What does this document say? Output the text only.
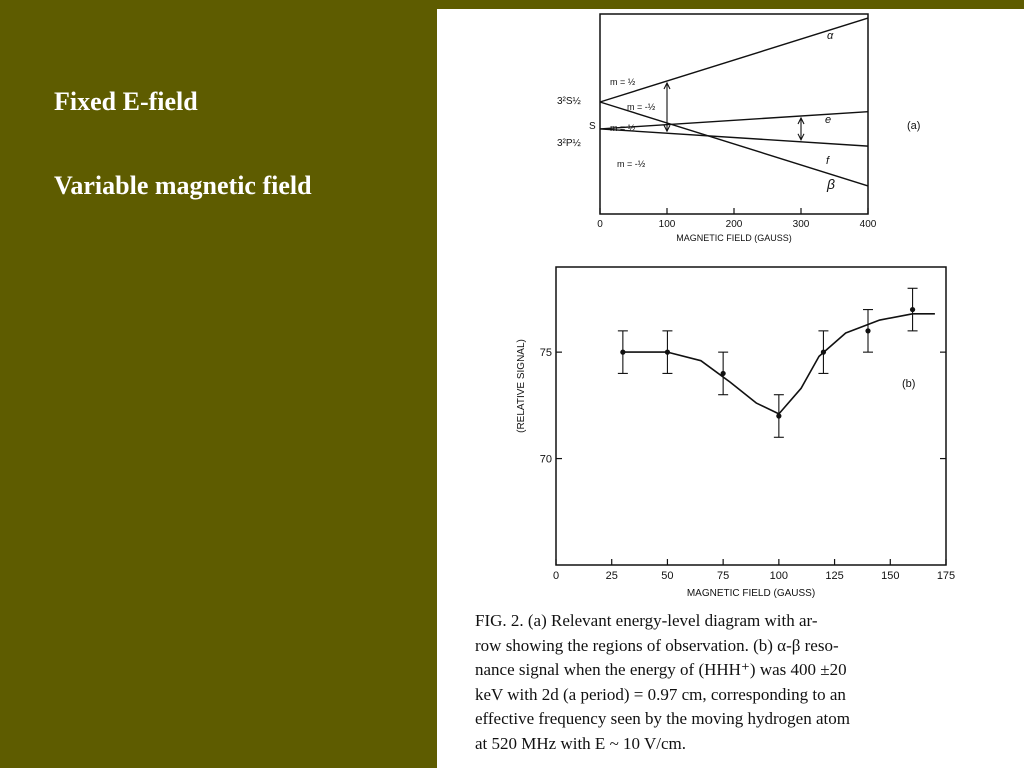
Fixed E-field
Variable magnetic field
0	100	200	300	400
MAGNETIC FIELD (GAUSS)
α
β
e
f
m = ½
m = -½
m = ½
m = -½
3²S½
S
3²P½
(a)
0	25	50	75	100	125	150	175
70
75
MAGNETIC FIELD (GAUSS)
(RELATIVE SIGNAL)	(b)
FIG. 2. (a) Relevant energy-level diagram with ar-
row showing the regions of observation. (b) α-β reso-
nance signal when the energy of (HHH⁺) was 400 ±20
keV with 2d (a period) = 0.97 cm, corresponding to an
effective frequency seen by the moving hydrogen atom
at 520 MHz with E ~ 10 V/cm.
